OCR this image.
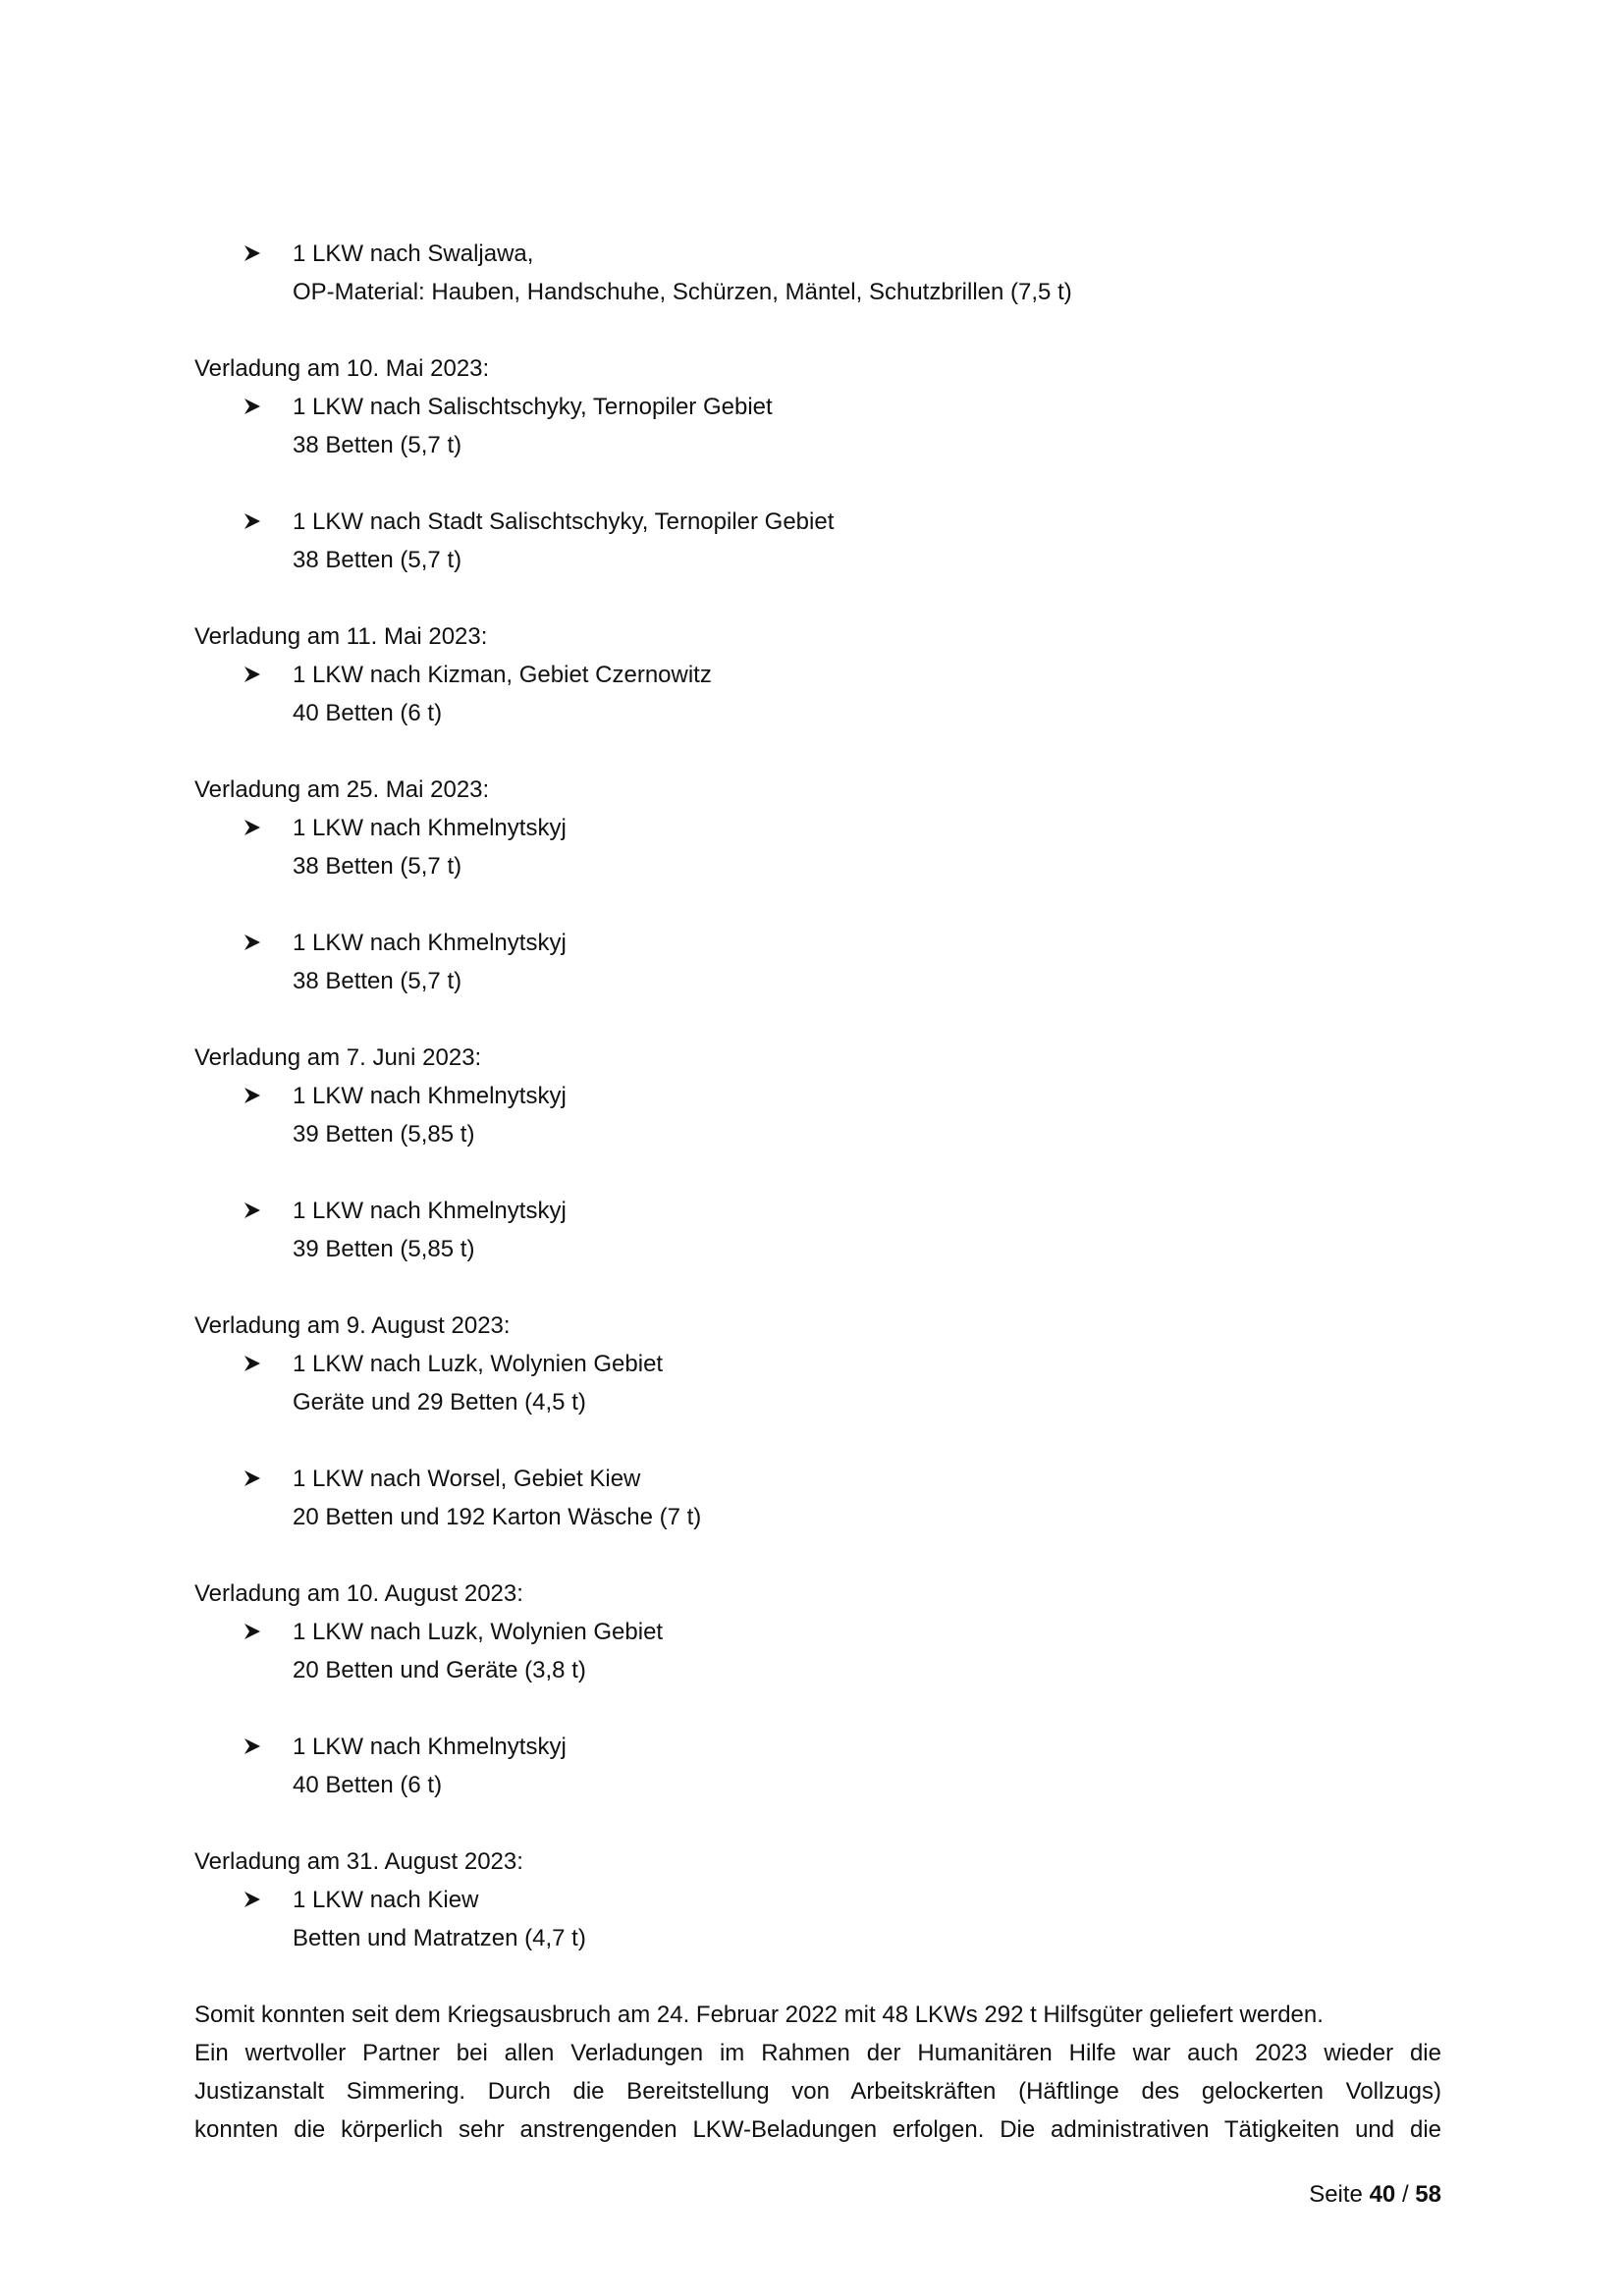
1 LKW nach Swaljawa,
OP-Material: Hauben, Handschuhe, Schürzen, Mäntel, Schutzbrillen (7,5 t)
Verladung am 10. Mai 2023:
1 LKW nach Salischtschyky, Ternopiler Gebiet
38 Betten (5,7 t)
1 LKW nach Stadt Salischtschyky, Ternopiler Gebiet
38 Betten (5,7 t)
Verladung am 11. Mai 2023:
1 LKW nach Kizman, Gebiet Czernowitz
40 Betten (6 t)
Verladung am 25. Mai 2023:
1 LKW nach Khmelnytskyj
38 Betten (5,7 t)
1 LKW nach Khmelnytskyj
38 Betten (5,7 t)
Verladung am 7. Juni 2023:
1 LKW nach Khmelnytskyj
39 Betten (5,85 t)
1 LKW nach Khmelnytskyj
39 Betten (5,85 t)
Verladung am 9. August 2023:
1 LKW nach Luzk, Wolynien Gebiet
Geräte und 29 Betten (4,5 t)
1 LKW nach Worsel, Gebiet Kiew
20 Betten und 192 Karton Wäsche (7 t)
Verladung am 10. August 2023:
1 LKW nach Luzk, Wolynien Gebiet
20 Betten und Geräte (3,8 t)
1 LKW nach Khmelnytskyj
40 Betten (6 t)
Verladung am 31. August 2023:
1 LKW nach Kiew
Betten und Matratzen (4,7 t)
Somit konnten seit dem Kriegsausbruch am 24. Februar 2022 mit 48 LKWs 292 t Hilfsgüter geliefert werden.
Ein wertvoller Partner bei allen Verladungen im Rahmen der Humanitären Hilfe war auch 2023 wieder die
Justizanstalt Simmering. Durch die Bereitstellung von Arbeitskräften (Häftlinge des gelockerten Vollzugs)
konnten die körperlich sehr anstrengenden LKW-Beladungen erfolgen. Die administrativen Tätigkeiten und die
Seite 40 / 58
